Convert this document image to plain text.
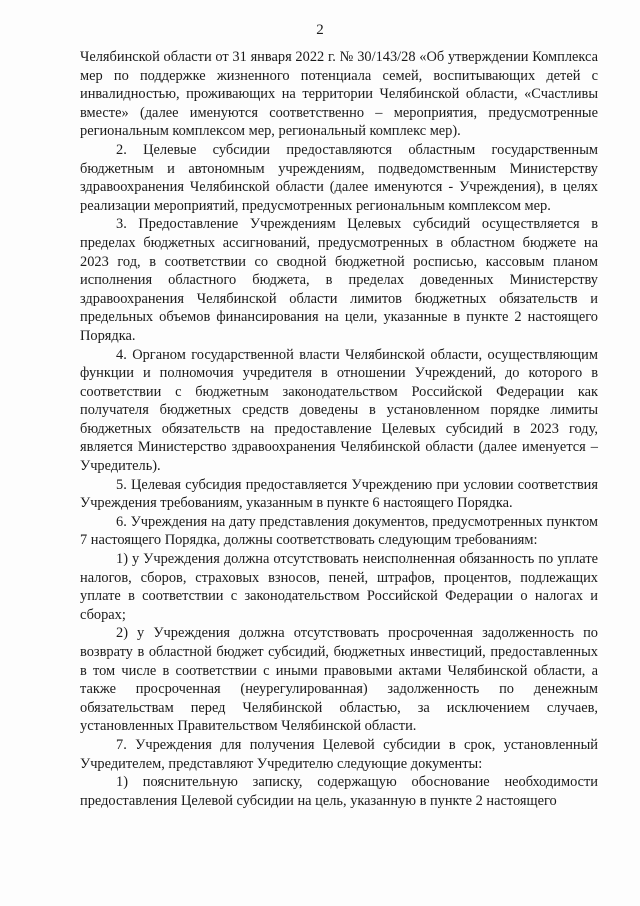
2

Челябинской области от 31 января 2022 г. № 30/143/28 «Об утверждении Комплекса мер по поддержке жизненного потенциала семей, воспитывающих детей с инвалидностью, проживающих на территории Челябинской области, «Счастливы вместе» (далее именуются соответственно – мероприятия, предусмотренные региональным комплексом мер, региональный комплекс мер).

2. Целевые субсидии предоставляются областным государственным бюджетным и автономным учреждениям, подведомственным Министерству здравоохранения Челябинской области (далее именуются - Учреждения), в целях реализации мероприятий, предусмотренных региональным комплексом мер.

3. Предоставление Учреждениям Целевых субсидий осуществляется в пределах бюджетных ассигнований, предусмотренных в областном бюджете на 2023 год, в соответствии со сводной бюджетной росписью, кассовым планом исполнения областного бюджета, в пределах доведенных Министерству здравоохранения Челябинской области лимитов бюджетных обязательств и предельных объемов финансирования на цели, указанные в пункте 2 настоящего Порядка.

4. Органом государственной власти Челябинской области, осуществляющим функции и полномочия учредителя в отношении Учреждений, до которого в соответствии с бюджетным законодательством Российской Федерации как получателя бюджетных средств доведены в установленном порядке лимиты бюджетных обязательств на предоставление Целевых субсидий в 2023 году, является Министерство здравоохранения Челябинской области (далее именуется – Учредитель).

5. Целевая субсидия предоставляется Учреждению при условии соответствия Учреждения требованиям, указанным в пункте 6 настоящего Порядка.

6. Учреждения на дату представления документов, предусмотренных пунктом 7 настоящего Порядка, должны соответствовать следующим требованиям:

1) у Учреждения должна отсутствовать неисполненная обязанность по уплате налогов, сборов, страховых взносов, пеней, штрафов, процентов, подлежащих уплате в соответствии с законодательством Российской Федерации о налогах и сборах;

2) у Учреждения должна отсутствовать просроченная задолженность по возврату в областной бюджет субсидий, бюджетных инвестиций, предоставленных в том числе в соответствии с иными правовыми актами Челябинской области, а также просроченная (неурегулированная) задолженность по денежным обязательствам перед Челябинской областью, за исключением случаев, установленных Правительством Челябинской области.

7. Учреждения для получения Целевой субсидии в срок, установленный Учредителем, представляют Учредителю следующие документы:

1) пояснительную записку, содержащую обоснование необходимости предоставления Целевой субсидии на цель, указанную в пункте 2 настоящего
